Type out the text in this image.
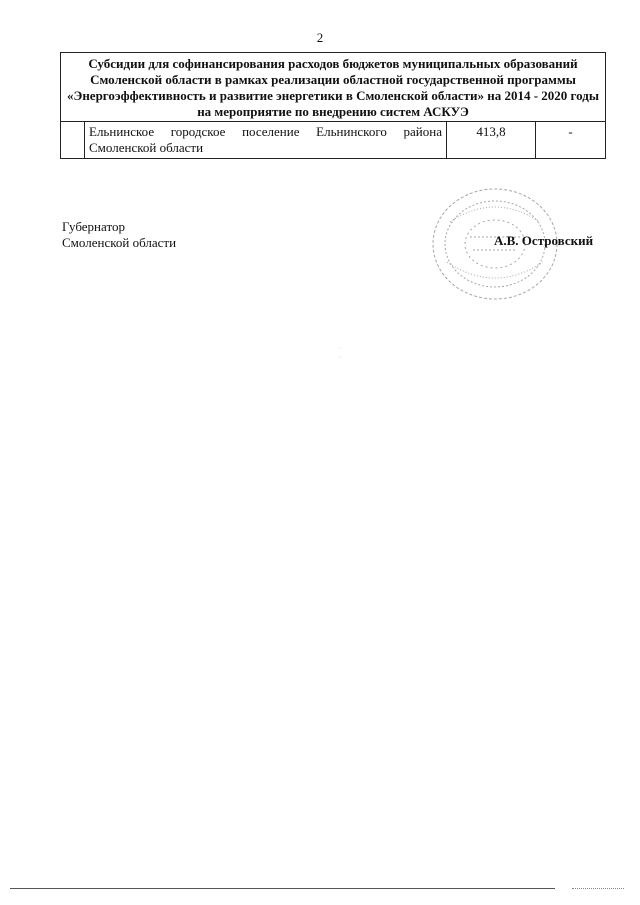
2
Субсидии для софинансирования расходов бюджетов муниципальных образований Смоленской области в рамках реализации областной государственной программы «Энергоэффективность и развитие энергетики в Смоленской области» на 2014 - 2020 годы на мероприятие по внедрению систем АСКУЭ
	Ельнинское городское поселение Ельнинского района Смоленской области	413,8	-
Губернатор
Смоленской области	А.В. Островский
·
·
